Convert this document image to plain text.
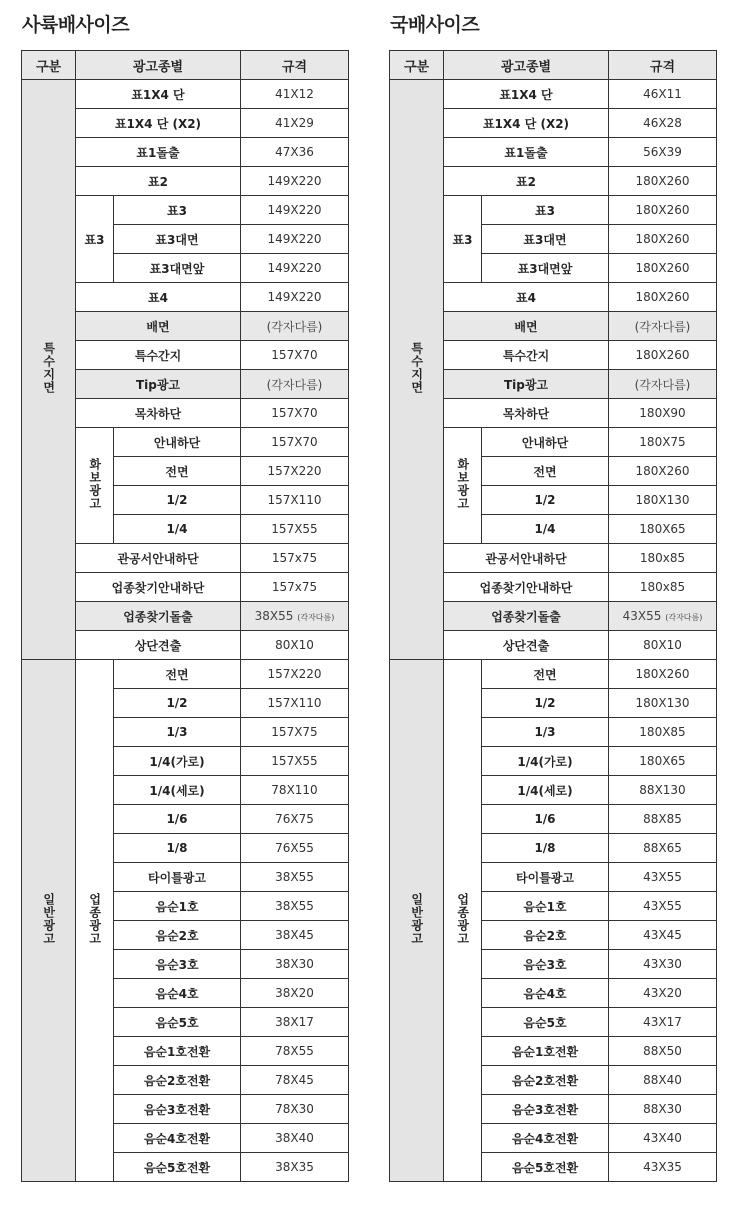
사륙배사이즈	국배사이즈
구분	광고종별		규격
특수지면	표1X4 단		41X12
	표1X4 단 (X2)		41X29
	표1돌출		47X36
	표2		149X220
	표3	표3	149X220
		표3대면	149X220
		표3대면앞	149X220
	표4		149X220
	배면		(각자다름)
	특수간지		157X70
	Tip광고		(각자다름)
	목차하단		157X70
	화보광고	안내하단	157X70
		전면	157X220
		1/2	157X110
		1/4	157X55
	관공서안내하단		157x75
	업종찾기안내하단		157x75
	업종찾기돌출		38X55 (각자다름)
	상단견출		80X10
일반광고	업종광고	전면	157X220
		1/2	157X110
		1/3	157X75
		1/4(가로)	157X55
		1/4(세로)	78X110
		1/6	76X75
		1/8	76X55
		타이틀광고	38X55
		음순1호	38X55
		음순2호	38X45
		음순3호	38X30
		음순4호	38X20
		음순5호	38X17
		음순1호전환	78X55
		음순2호전환	78X45
		음순3호전환	78X30
		음순4호전환	38X40
		음순5호전환	38X35
구분	광고종별		규격
특수지면	표1X4 단		46X11
	표1X4 단 (X2)		46X28
	표1돌출		56X39
	표2		180X260
	표3	표3	180X260
		표3대면	180X260
		표3대면앞	180X260
	표4		180X260
	배면		(각자다름)
	특수간지		180X260
	Tip광고		(각자다름)
	목차하단		180X90
	화보광고	안내하단	180X75
		전면	180X260
		1/2	180X130
		1/4	180X65
	관공서안내하단		180x85
	업종찾기안내하단		180x85
	업종찾기돌출		43X55 (각자다름)
	상단견출		80X10
일반광고	업종광고	전면	180X260
		1/2	180X130
		1/3	180X85
		1/4(가로)	180X65
		1/4(세로)	88X130
		1/6	88X85
		1/8	88X65
		타이틀광고	43X55
		음순1호	43X55
		음순2호	43X45
		음순3호	43X30
		음순4호	43X20
		음순5호	43X17
		음순1호전환	88X50
		음순2호전환	88X40
		음순3호전환	88X30
		음순4호전환	43X40
		음순5호전환	43X35
